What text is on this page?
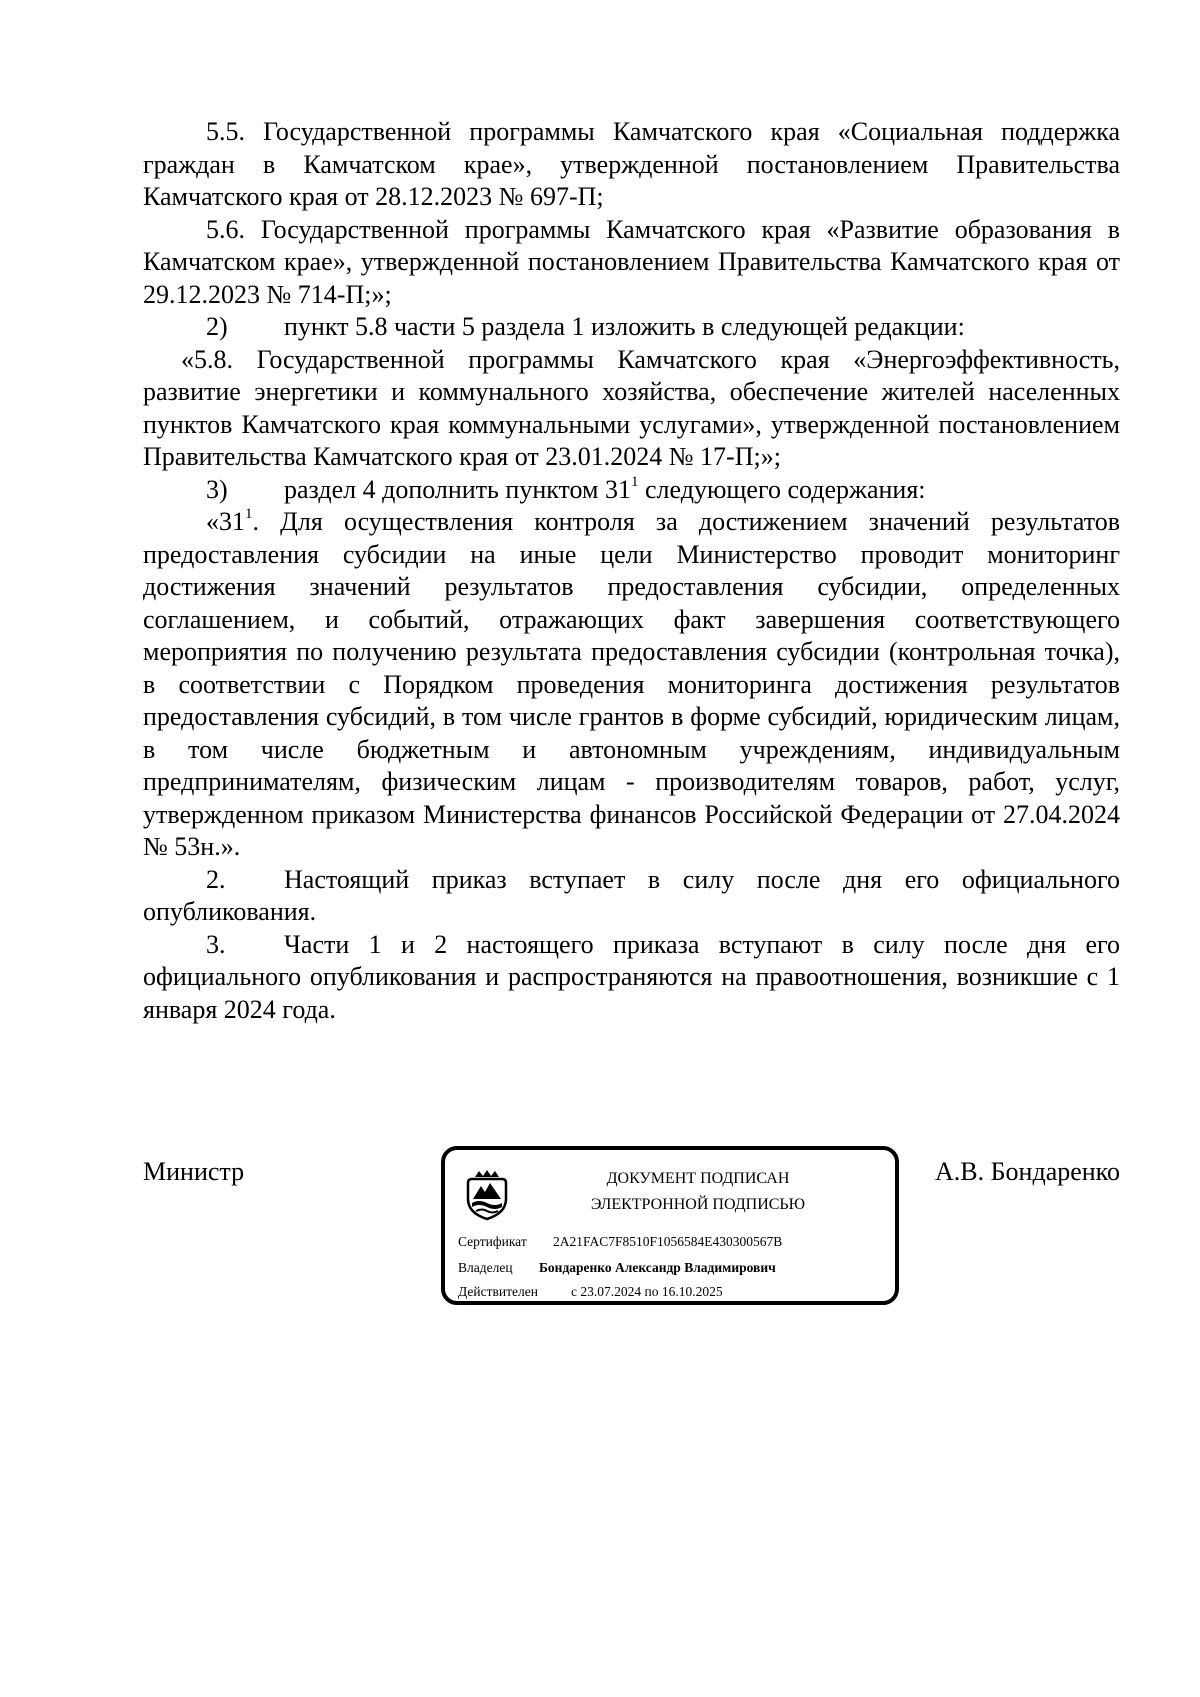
5.5. Государственной программы Камчатского края «Социальная поддержка граждан в Камчатском крае», утвержденной постановлением Правительства Камчатского края от 28.12.2023 № 697-П;

5.6. Государственной программы Камчатского края «Развитие образования в Камчатском крае», утвержденной постановлением Правительства Камчатского края от 29.12.2023 № 714-П;»;

2) пункт 5.8 части 5 раздела 1 изложить в следующей редакции:

«5.8. Государственной программы Камчатского края «Энергоэффективность, развитие энергетики и коммунального хозяйства, обеспечение жителей населенных пунктов Камчатского края коммунальными услугами», утвержденной постановлением Правительства Камчатского края от 23.01.2024 № 17-П;»;

3) раздел 4 дополнить пунктом $31^1$ следующего содержания:

«$31^1$. Для осуществления контроля за достижением значений результатов предоставления субсидии на иные цели Министерство проводит мониторинг достижения значений результатов предоставления субсидии, определенных соглашением, и событий, отражающих факт завершения соответствующего мероприятия по получению результата предоставления субсидии (контрольная точка), в соответствии с Порядком проведения мониторинга достижения результатов предоставления субсидий, в том числе грантов в форме субсидий, юридическим лицам, в том числе бюджетным и автономным учреждениям, индивидуальным предпринимателям, физическим лицам - производителям товаров, работ, услуг, утвержденном приказом Министерства финансов Российской Федерации от 27.04.2024 № 53н.».

2. Настоящий приказ вступает в силу после дня его официального опубликования.

3. Части 1 и 2 настоящего приказа вступают в силу после дня его официального опубликования и распространяются на правоотношения, возникшие с 1 января 2024 года.

Министр	А.В. Бондаренко
ДОКУМЕНТ ПОДПИСАН
ЭЛЕКТРОННОЙ ПОДПИСЬЮ
Сертификат 2A21FAC7F8510F1056584E430300567B
Владелец Бондаренко Александр Владимирович
Действителен с 23.07.2024 по 16.10.2025
